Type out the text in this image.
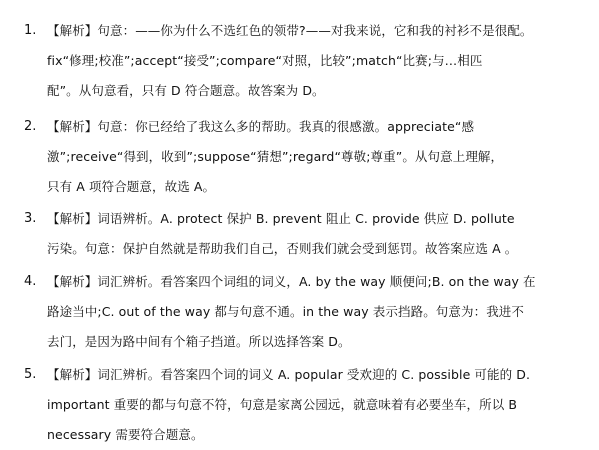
1. 【解析】句意：——你为什么不选红色的领带?——对我来说，它和我的衬衫不是很配。
fix“修理;校准”;accept“接受”;compare“对照，比较”;match“比赛;与…相匹
配”。从句意看，只有 D 符合题意。故答案为 D。
2. 【解析】句意：你已经给了我这么多的帮助。我真的很感激。appreciate“感
激”;receive“得到，收到”;suppose“猜想”;regard“尊敬;尊重”。从句意上理解，
只有 A 项符合题意，故选 A。
3. 【解析】词语辨析。A. protect 保护 B. prevent 阻止 C. provide 供应 D. pollute
污染。句意：保护自然就是帮助我们自己，否则我们就会受到惩罚。故答案应选 A 。
4. 【解析】词汇辨析。看答案四个词组的词义，A. by the way 顺便问;B. on the way 在
路途当中;C. out of the way 都与句意不通。in the way 表示挡路。句意为：我进不
去门，是因为路中间有个箱子挡道。所以选择答案 D。
5. 【解析】词汇辨析。看答案四个词的词义 A. popular 受欢迎的 C. possible 可能的 D.
important 重要的都与句意不符，句意是家离公园远，就意味着有必要坐车，所以 B
necessary 需要符合题意。
